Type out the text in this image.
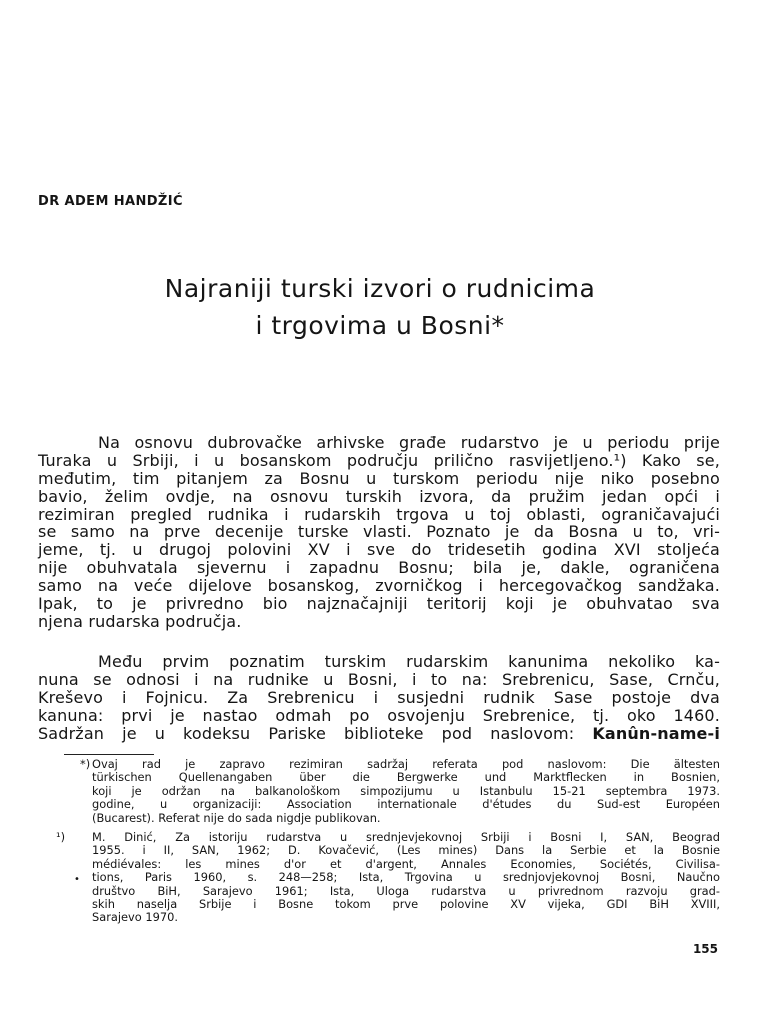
DR ADEM HANDŽIĆ
Najraniji turski izvori o rudnicima
i trgovima u Bosni*
Na osnovu dubrovačke arhivske građe rudarstvo je u periodu prije
Turaka u Srbiji, i u bosanskom području prilično rasvijetljeno.¹) Kako se,
međutim, tim pitanjem za Bosnu u turskom periodu nije niko posebno
bavio, želim ovdje, na osnovu turskih izvora, da pružim jedan opći i
rezimiran pregled rudnika i rudarskih trgova u toj oblasti, ograničavajući
se samo na prve decenije turske vlasti. Poznato je da Bosna u to, vri-
jeme, tj. u drugoj polovini XV i sve do tridesetih godina XVI stoljeća
nije obuhvatala sjevernu i zapadnu Bosnu; bila je, dakle, ograničena
samo na veće dijelove bosanskog, zvorničkog i hercegovačkog sandžaka.
Ipak, to je privredno bio najznačajniji teritorij koji je obuhvatao sva
njena rudarska područja.
Među prvim poznatim turskim rudarskim kanunima nekoliko ka-
nuna se odnosi i na rudnike u Bosni, i to na: Srebrenicu, Sase, Crnču,
Kreševo i Fojnicu. Za Srebrenicu i susjedni rudnik Sase postoje dva
kanuna: prvi je nastao odmah po osvojenju Srebrenice, tj. oko 1460.
Sadržan je u kodeksu Pariske biblioteke pod naslovom: Kanûn-name-i
*) Ovaj rad je zapravo rezimiran sadržaj referata pod naslovom: Die ältesten
türkischen Quellenangaben über die Bergwerke und Marktflecken in Bosnien,
koji je održan na balkanološkom simpozijumu u Istanbulu 15-21 septembra 1973.
godine, u organizaciji: Association internationale d'études du Sud-est Européen
(Bucarest). Referat nije do sada nigdje publikovan.
¹) M. Dinić, Za istoriju rudarstva u srednjevjekovnoj Srbiji i Bosni I, SAN, Beograd
1955. i II, SAN, 1962; D. Kovačević, (Les mines) Dans la Serbie et la Bosnie
médiévales: les mines d'or et d'argent, Annales Economies, Sociétés, Civilisa-
tions, Paris 1960, s. 248—258; Ista, Trgovina u srednjovjekovnoj Bosni, Naučno
društvo BiH, Sarajevo 1961; Ista, Uloga rudarstva u privrednom razvoju grad-
skih naselja Srbije i Bosne tokom prve polovine XV vijeka, GDI BiH XVIII,
Sarajevo 1970.
•
155
